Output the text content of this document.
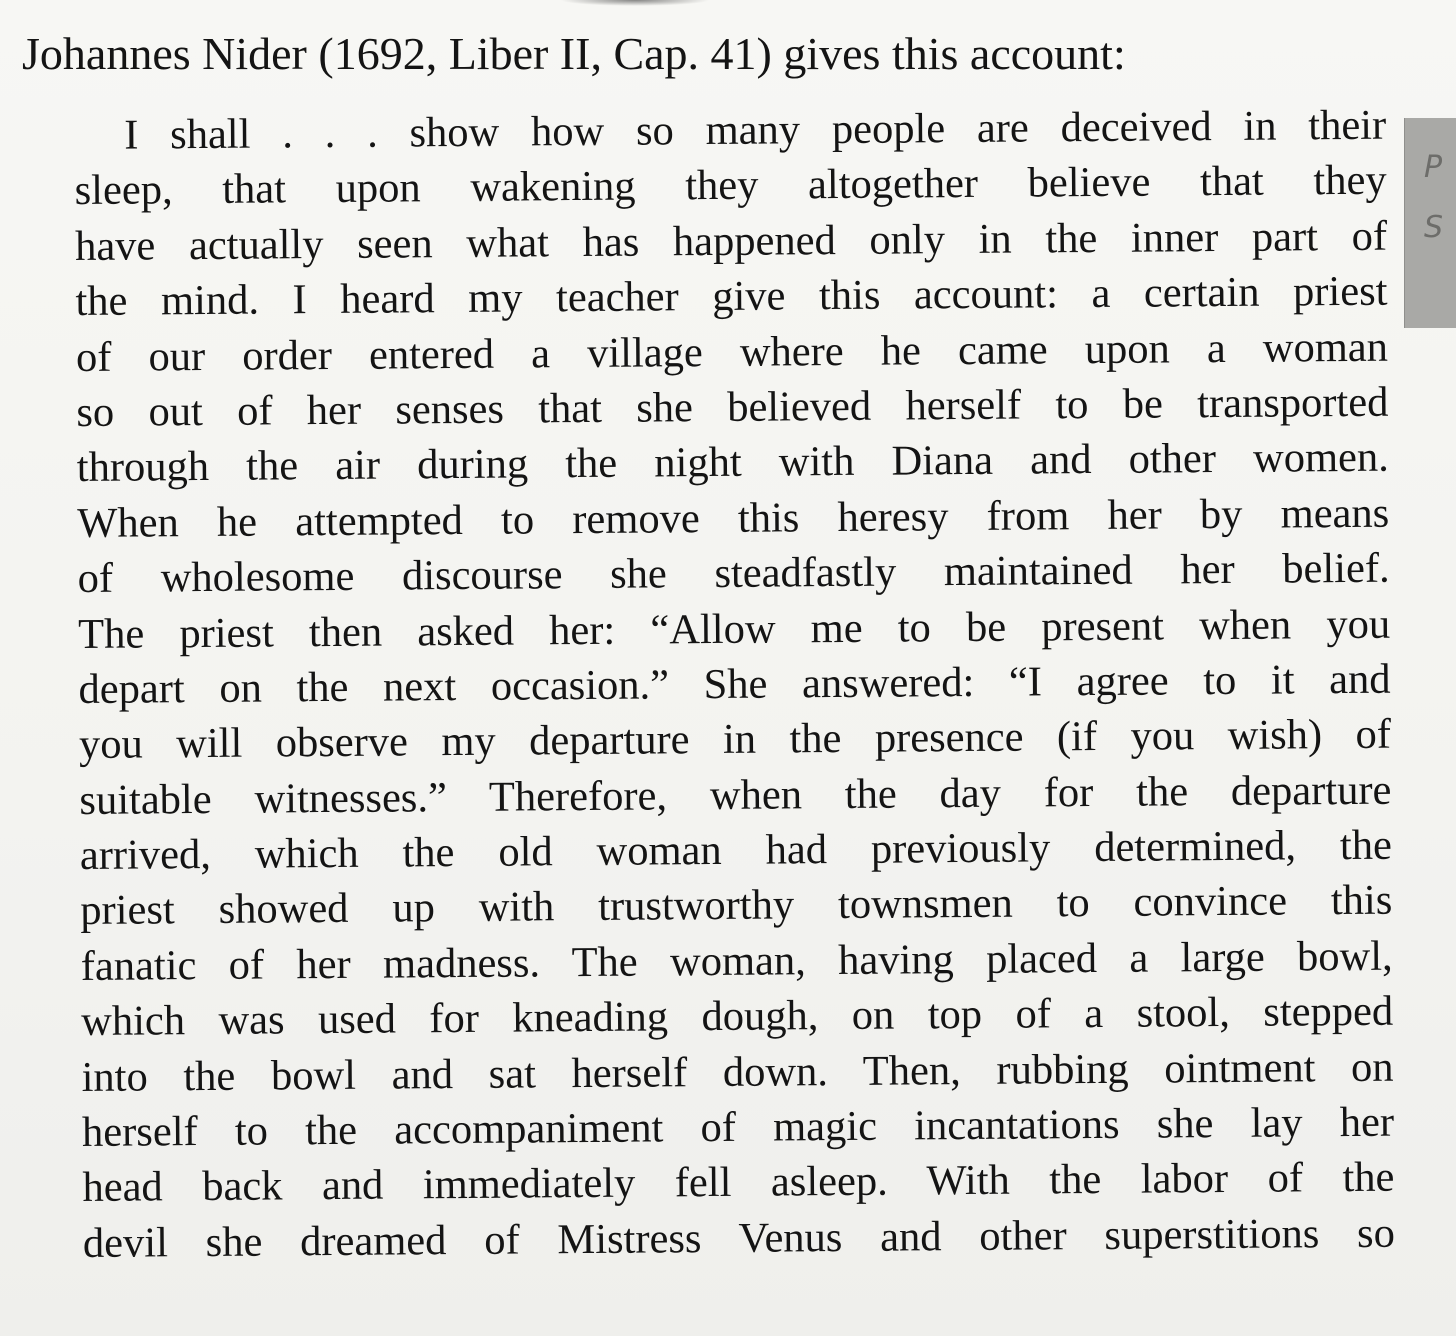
Johannes Nider (1692, Liber II, Cap. 41) gives this account:
I shall . . . show how so many people are deceived in their
sleep, that upon wakening they altogether believe that they
have actually seen what has happened only in the inner part of
the mind. I heard my teacher give this account: a certain priest
of our order entered a village where he came upon a woman
so out of her senses that she believed herself to be transported
through the air during the night with Diana and other women.
When he attempted to remove this heresy from her by means
of wholesome discourse she steadfastly maintained her belief.
The priest then asked her: “Allow me to be present when you
depart on the next occasion.” She answered: “I agree to it and
you will observe my departure in the presence (if you wish) of
suitable witnesses.” Therefore, when the day for the departure
arrived, which the old woman had previously determined, the
priest showed up with trustworthy townsmen to convince this
fanatic of her madness. The woman, having placed a large bowl,
which was used for kneading dough, on top of a stool, stepped
into the bowl and sat herself down. Then, rubbing ointment on
herself to the accompaniment of magic incantations she lay her
head back and immediately fell asleep. With the labor of the
devil she dreamed of Mistress Venus and other superstitions so
P
S
